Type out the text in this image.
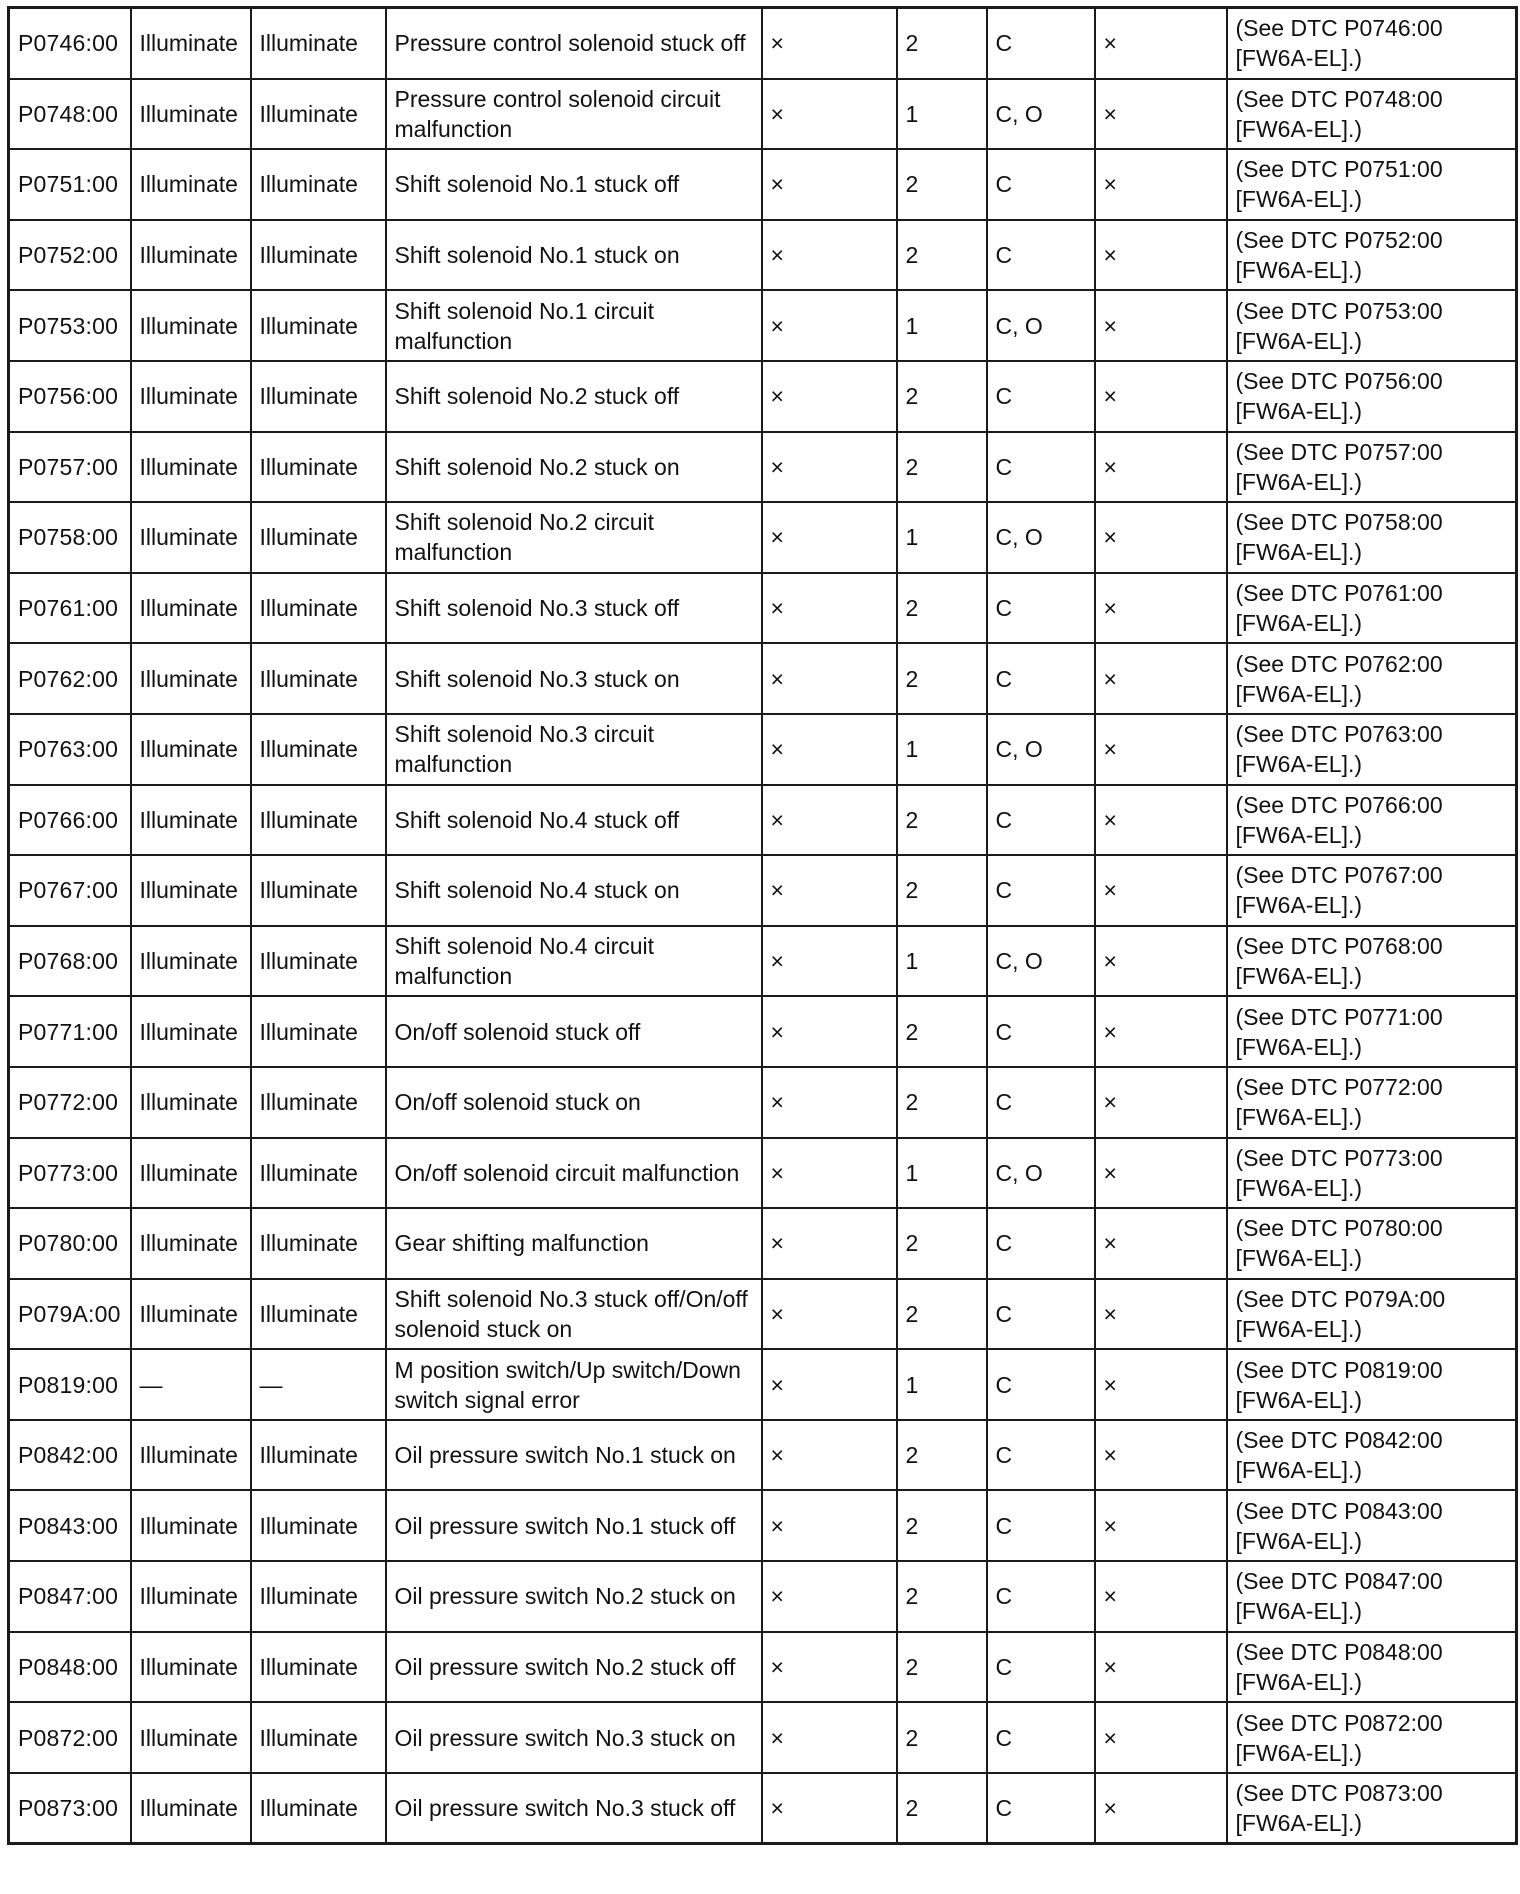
P0746:00	Illuminate	Illuminate	Pressure control solenoid stuck off	×	2	C	×	(See DTC P0746:00 [FW6A-EL].)
P0748:00	Illuminate	Illuminate	Pressure control solenoid circuit malfunction	×	1	C, O	×	(See DTC P0748:00 [FW6A-EL].)
P0751:00	Illuminate	Illuminate	Shift solenoid No.1 stuck off	×	2	C	×	(See DTC P0751:00 [FW6A-EL].)
P0752:00	Illuminate	Illuminate	Shift solenoid No.1 stuck on	×	2	C	×	(See DTC P0752:00 [FW6A-EL].)
P0753:00	Illuminate	Illuminate	Shift solenoid No.1 circuit malfunction	×	1	C, O	×	(See DTC P0753:00 [FW6A-EL].)
P0756:00	Illuminate	Illuminate	Shift solenoid No.2 stuck off	×	2	C	×	(See DTC P0756:00 [FW6A-EL].)
P0757:00	Illuminate	Illuminate	Shift solenoid No.2 stuck on	×	2	C	×	(See DTC P0757:00 [FW6A-EL].)
P0758:00	Illuminate	Illuminate	Shift solenoid No.2 circuit malfunction	×	1	C, O	×	(See DTC P0758:00 [FW6A-EL].)
P0761:00	Illuminate	Illuminate	Shift solenoid No.3 stuck off	×	2	C	×	(See DTC P0761:00 [FW6A-EL].)
P0762:00	Illuminate	Illuminate	Shift solenoid No.3 stuck on	×	2	C	×	(See DTC P0762:00 [FW6A-EL].)
P0763:00	Illuminate	Illuminate	Shift solenoid No.3 circuit malfunction	×	1	C, O	×	(See DTC P0763:00 [FW6A-EL].)
P0766:00	Illuminate	Illuminate	Shift solenoid No.4 stuck off	×	2	C	×	(See DTC P0766:00 [FW6A-EL].)
P0767:00	Illuminate	Illuminate	Shift solenoid No.4 stuck on	×	2	C	×	(See DTC P0767:00 [FW6A-EL].)
P0768:00	Illuminate	Illuminate	Shift solenoid No.4 circuit malfunction	×	1	C, O	×	(See DTC P0768:00 [FW6A-EL].)
P0771:00	Illuminate	Illuminate	On/off solenoid stuck off	×	2	C	×	(See DTC P0771:00 [FW6A-EL].)
P0772:00	Illuminate	Illuminate	On/off solenoid stuck on	×	2	C	×	(See DTC P0772:00 [FW6A-EL].)
P0773:00	Illuminate	Illuminate	On/off solenoid circuit malfunction	×	1	C, O	×	(See DTC P0773:00 [FW6A-EL].)
P0780:00	Illuminate	Illuminate	Gear shifting malfunction	×	2	C	×	(See DTC P0780:00 [FW6A-EL].)
P079A:00	Illuminate	Illuminate	Shift solenoid No.3 stuck off/On/off solenoid stuck on	×	2	C	×	(See DTC P079A:00 [FW6A-EL].)
P0819:00	—	—	M position switch/Up switch/Down switch signal error	×	1	C	×	(See DTC P0819:00 [FW6A-EL].)
P0842:00	Illuminate	Illuminate	Oil pressure switch No.1 stuck on	×	2	C	×	(See DTC P0842:00 [FW6A-EL].)
P0843:00	Illuminate	Illuminate	Oil pressure switch No.1 stuck off	×	2	C	×	(See DTC P0843:00 [FW6A-EL].)
P0847:00	Illuminate	Illuminate	Oil pressure switch No.2 stuck on	×	2	C	×	(See DTC P0847:00 [FW6A-EL].)
P0848:00	Illuminate	Illuminate	Oil pressure switch No.2 stuck off	×	2	C	×	(See DTC P0848:00 [FW6A-EL].)
P0872:00	Illuminate	Illuminate	Oil pressure switch No.3 stuck on	×	2	C	×	(See DTC P0872:00 [FW6A-EL].)
P0873:00	Illuminate	Illuminate	Oil pressure switch No.3 stuck off	×	2	C	×	(See DTC P0873:00 [FW6A-EL].)
